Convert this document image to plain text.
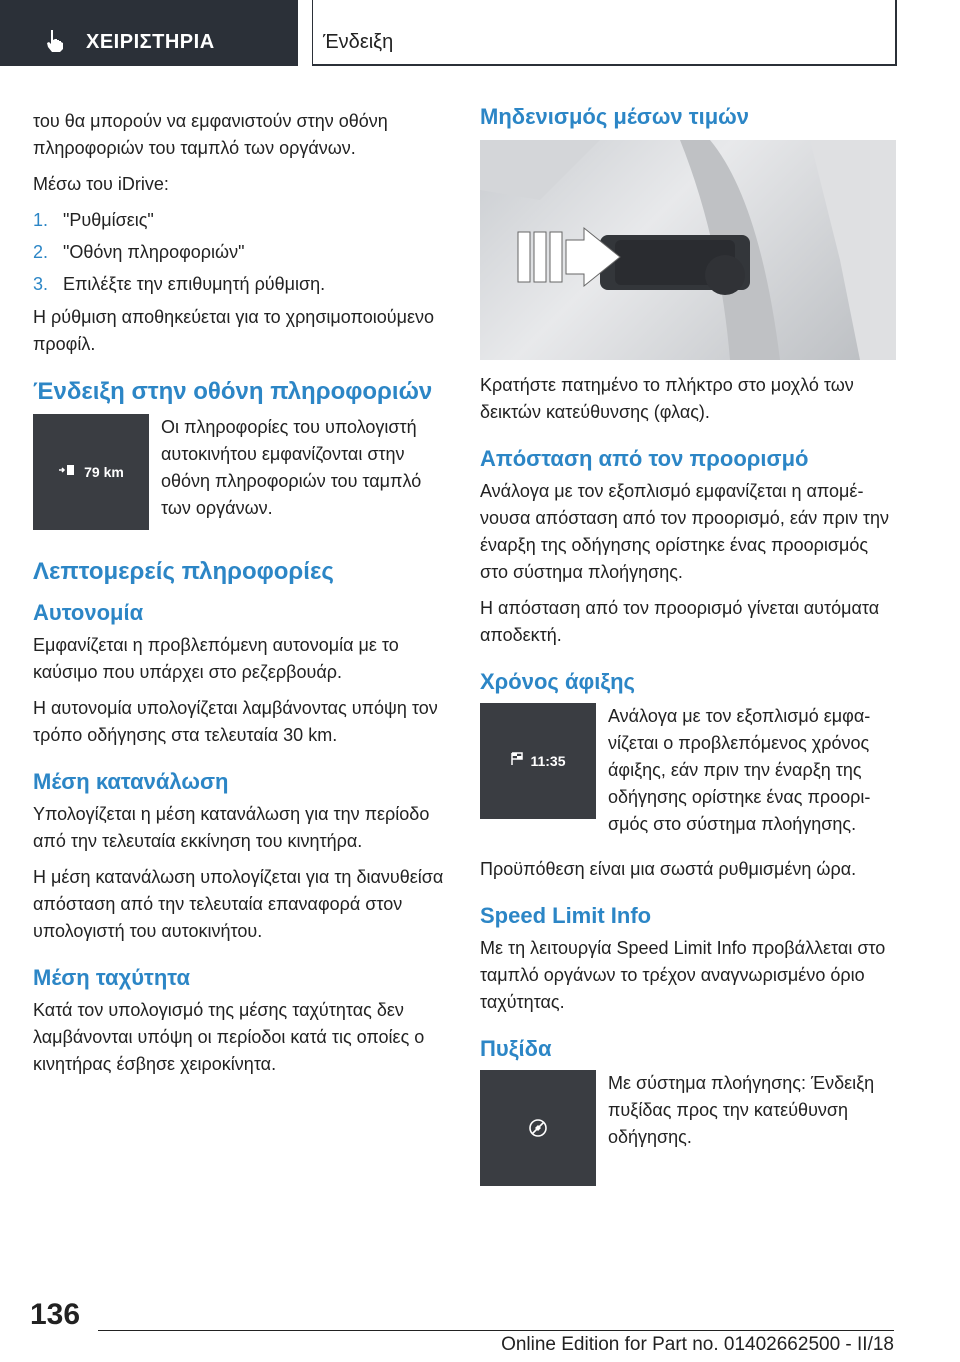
ΧΕΙΡΙΣΤΗΡΙΑ	Ένδειξη

του θα μπορούν να εμφανιστούν στην οθόνη πληροφοριών του ταμπλό των οργάνων.

Μέσω του iDrive:

1. "Ρυθμίσεις"
2. "Οθόνη πληροφοριών"
3. Επιλέξτε την επιθυμητή ρύθμιση.

Η ρύθμιση αποθηκεύεται για το χρησιμοποιούμενο προφίλ.

Ένδειξη στην οθόνη πληροφοριών
79 km

Οι πληροφορίες του υπολογιστή αυτοκινήτου εμφανίζονται στην οθόνη πληροφοριών του ταμπλό των οργάνων.

Λεπτομερείς πληροφορίες
Αυτονομία

Εμφανίζεται η προβλεπόμενη αυτονομία με το καύσιμο που υπάρχει στο ρεζερβουάρ.

Η αυτονομία υπολογίζεται λαμβάνοντας υπόψη τον τρόπο οδήγησης στα τελευταία 30 km.

Μέση κατανάλωση

Υπολογίζεται η μέση κατανάλωση για την περίοδο από την τελευταία εκκίνηση του κινητήρα.

Η μέση κατανάλωση υπολογίζεται για τη διανυθείσα απόσταση από την τελευταία επαναφορά στον υπολογιστή του αυτοκινήτου.

Μέση ταχύτητα

Κατά τον υπολογισμό της μέσης ταχύτητας δεν λαμβάνονται υπόψη οι περίοδοι κατά τις οποίες ο κινητήρας έσβησε χειροκίνητα.

Μηδενισμός μέσων τιμών

Κρατήστε πατημένο το πλήκτρο στο μοχλό των δεικτών κατεύθυνσης (φλας).

Απόσταση από τον προορισμό

Ανάλογα με τον εξοπλισμό εμφανίζεται η απομένουσα απόσταση από τον προορισμό, εάν πριν την έναρξη της οδήγησης ορίστηκε ένας προορισμός στο σύστημα πλοήγησης.

Η απόσταση από τον προορισμό γίνεται αυτόματα αποδεκτή.

Χρόνος άφιξης
11:35

Ανάλογα με τον εξοπλισμό εμφανίζεται ο προβλεπόμενος χρόνος άφιξης, εάν πριν την έναρξη της οδήγησης ορίστηκε ένας προορισμός στο σύστημα πλοήγησης.

Προϋπόθεση είναι μια σωστά ρυθμισμένη ώρα.

Speed Limit Info

Με τη λειτουργία Speed Limit Info προβάλλεται στο ταμπλό οργάνων το τρέχον αναγνωρισμένο όριο ταχύτητας.

Πυξίδα

Με σύστημα πλοήγησης: Ένδειξη πυξίδας προς την κατεύθυνση οδήγησης.

136
Online Edition for Part no. 01402662500 - II/18
